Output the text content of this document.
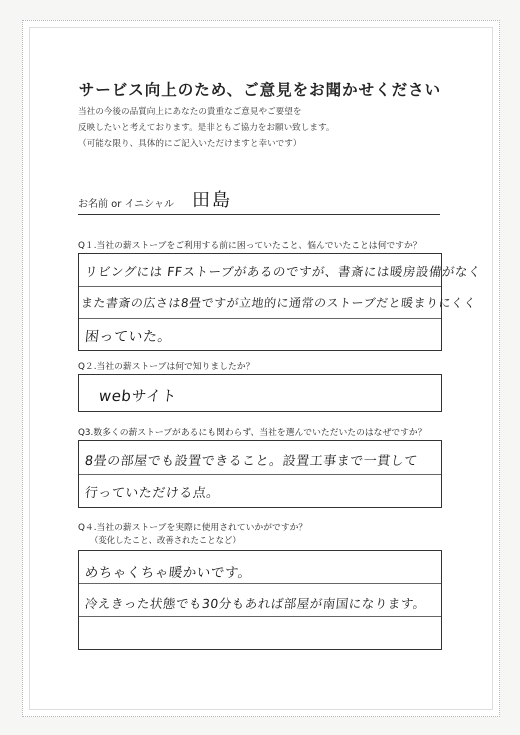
サービス向上のため、ご意見をお聞かせください
当社の今後の品質向上にあなたの貴重なご意見やご要望を
反映したいと考えております。是非ともご協力をお願い致します。
（可能な限り、具体的にご記入いただけますと幸いです）
お名前 or イニシャル 田島
Q１.当社の薪ストーブをご利用する前に困っていたこと、悩んでいたことは何ですか？
リビングには FFストーブがあるのですが、書斎には暖房設備がなく
また書斎の広さは8畳ですが立地的に通常のストーブだと暖まりにくく
困っていた。
Q２.当社の薪ストーブは何で知りましたか？
webサイト
Q3.数多くの薪ストーブがあるにも関わらず、当社を選んでいただいたのはなぜですか？
8畳の部屋でも設置できること。設置工事まで一貫して
行っていただける点。
Q４.当社の薪ストーブを実際に使用されていかがですか？
（変化したこと、改善されたことなど）
めちゃくちゃ暖かいです。
冷えきった状態でも30分もあれば部屋が南国になります。
